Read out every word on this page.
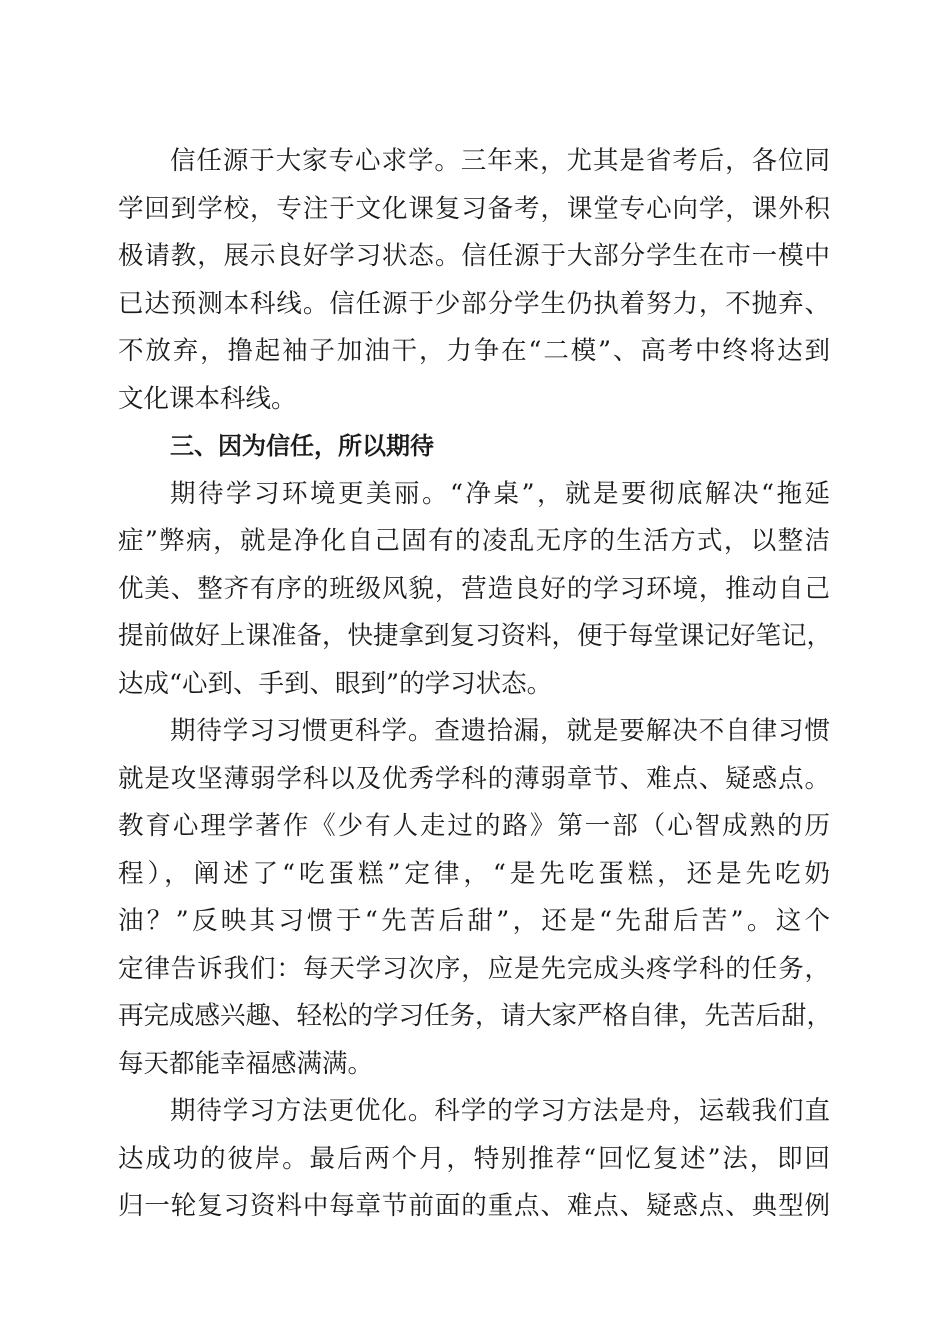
信任源于大家专心求学。三年来，尤其是省考后，各位同
学回到学校，专注于文化课复习备考，课堂专心向学，课外积
极请教，展示良好学习状态。信任源于大部分学生在市一模中
已达预测本科线。信任源于少部分学生仍执着努力，不抛弃、
不放弃，撸起袖子加油干，力争在“二模”、高考中终将达到
文化课本科线。
三、因为信任，所以期待
期待学习环境更美丽。“净桌”，就是要彻底解决“拖延
症”弊病，就是净化自己固有的凌乱无序的生活方式，以整洁
优美、整齐有序的班级风貌，营造良好的学习环境，推动自己
提前做好上课准备，快捷拿到复习资料，便于每堂课记好笔记，
达成“心到、手到、眼到”的学习状态。
期待学习习惯更科学。查遗拾漏，就是要解决不自律习惯
就是攻坚薄弱学科以及优秀学科的薄弱章节、难点、疑惑点。
教育心理学著作《少有人走过的路》第一部（心智成熟的历
程），阐述了“吃蛋糕”定律，“是先吃蛋糕，还是先吃奶
油？”反映其习惯于“先苦后甜”，还是“先甜后苦”。这个
定律告诉我们：每天学习次序，应是先完成头疼学科的任务，
再完成感兴趣、轻松的学习任务，请大家严格自律，先苦后甜，
每天都能幸福感满满。
期待学习方法更优化。科学的学习方法是舟，运载我们直
达成功的彼岸。最后两个月，特别推荐“回忆复述”法，即回
归一轮复习资料中每章节前面的重点、难点、疑惑点、典型例
